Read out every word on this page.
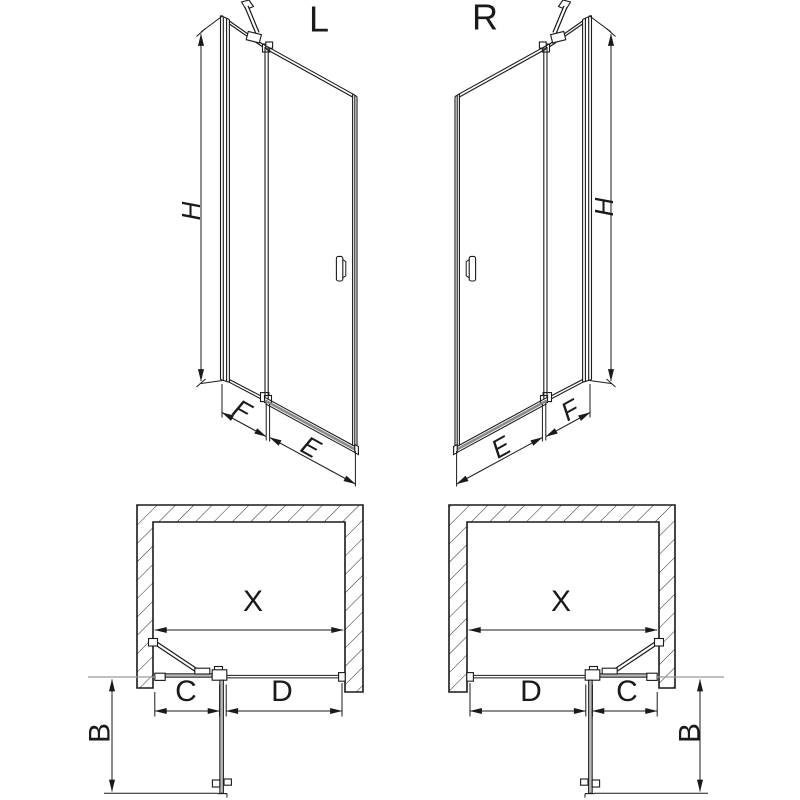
L	R
H
F
E
H
F
E
X
C D
B
X
D C
B
